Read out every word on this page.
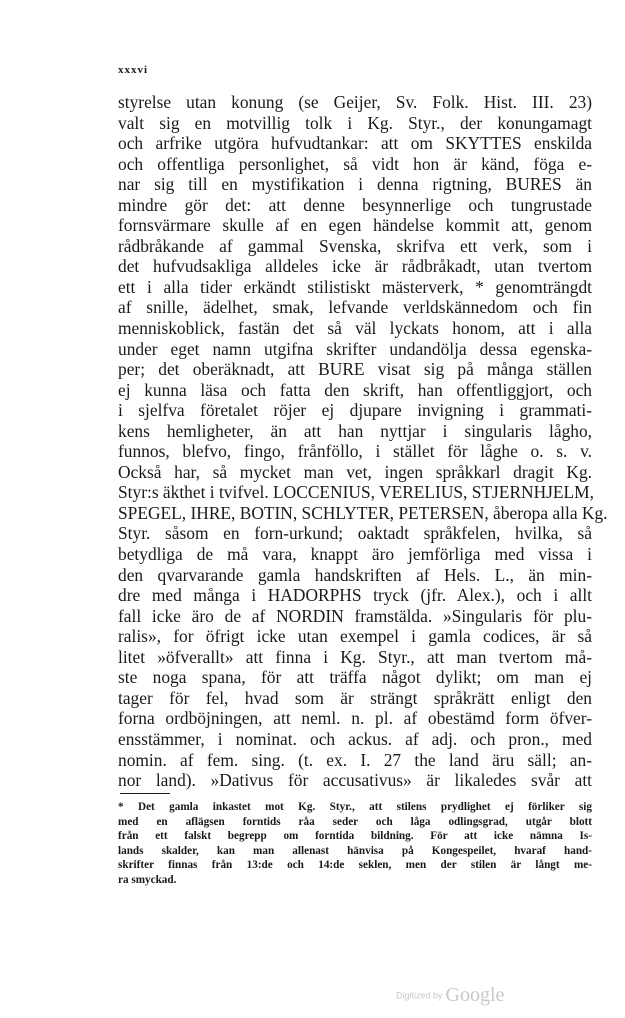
xxxvi
styrelse utan konung (se Geijer, Sv. Folk. Hist. III. 23)
valt sig en motvillig tolk i Kg. Styr., der konungamagt
och arfrike utgöra hufvudtankar: att om SKYTTES enskilda
och offentliga personlighet, så vidt hon är känd, föga e-
nar sig till en mystifikation i denna rigtning, BURES än
mindre gör det: att denne besynnerlige och tungrustade
fornsvärmare skulle af en egen händelse kommit att, genom
rådbråkande af gammal Svenska, skrifva ett verk, som i
det hufvudsakliga alldeles icke är rådbråkadt, utan tvertom
ett i alla tider erkändt stilistiskt mästerverk, * genomträngdt
af snille, ädelhet, smak, lefvande verldskännedom och fin
menniskoblick, fastän det så väl lyckats honom, att i alla
under eget namn utgifna skrifter undandölja dessa egenska-
per; det oberäknadt, att BURE visat sig på många ställen
ej kunna läsa och fatta den skrift, han offentliggjort, och
i sjelfva företalet röjer ej djupare invigning i grammati-
kens hemligheter, än att han nyttjar i singularis lågho,
funnos, blefvo, fingo, frånföllo, i stället för låghe o. s. v.
Också har, så mycket man vet, ingen språkkarl dragit Kg.
Styr:s äkthet i tvifvel. LOCCENIUS, VERELIUS, STJERNHJELM,
SPEGEL, IHRE, BOTIN, SCHLYTER, PETERSEN, åberopa alla Kg.
Styr. såsom en forn-urkund; oaktadt språkfelen, hvilka, så
betydliga de må vara, knappt äro jemförliga med vissa i
den qvarvarande gamla handskriften af Hels. L., än min-
dre med många i HADORPHS tryck (jfr. Alex.), och i allt
fall icke äro de af NORDIN framstälda. »Singularis för plu-
ralis», for öfrigt icke utan exempel i gamla codices, är så
litet »öfverallt» att finna i Kg. Styr., att man tvertom må-
ste noga spana, för att träffa något dylikt; om man ej
tager för fel, hvad som är strängt språkrätt enligt den
forna ordböjningen, att neml. n. pl. af obestämd form öfver-
ensstämmer, i nominat. och ackus. af adj. och pron., med
nomin. af fem. sing. (t. ex. I. 27 the land äru säll; an-
nor land). »Dativus för accusativus» är likaledes svår att
* Det gamla inkastet mot Kg. Styr., att stilens prydlighet ej förliker sig
med en aflägsen forntids råa seder och låga odlingsgrad, utgår blott
från ett falskt begrepp om forntida bildning. För att icke nämna Is-
lands skalder, kan man allenast hänvisa på Kongespeilet, hvaraf hand-
skrifter finnas från 13:de och 14:de seklen, men der stilen är långt me-
ra smyckad.
Digitized by Google
